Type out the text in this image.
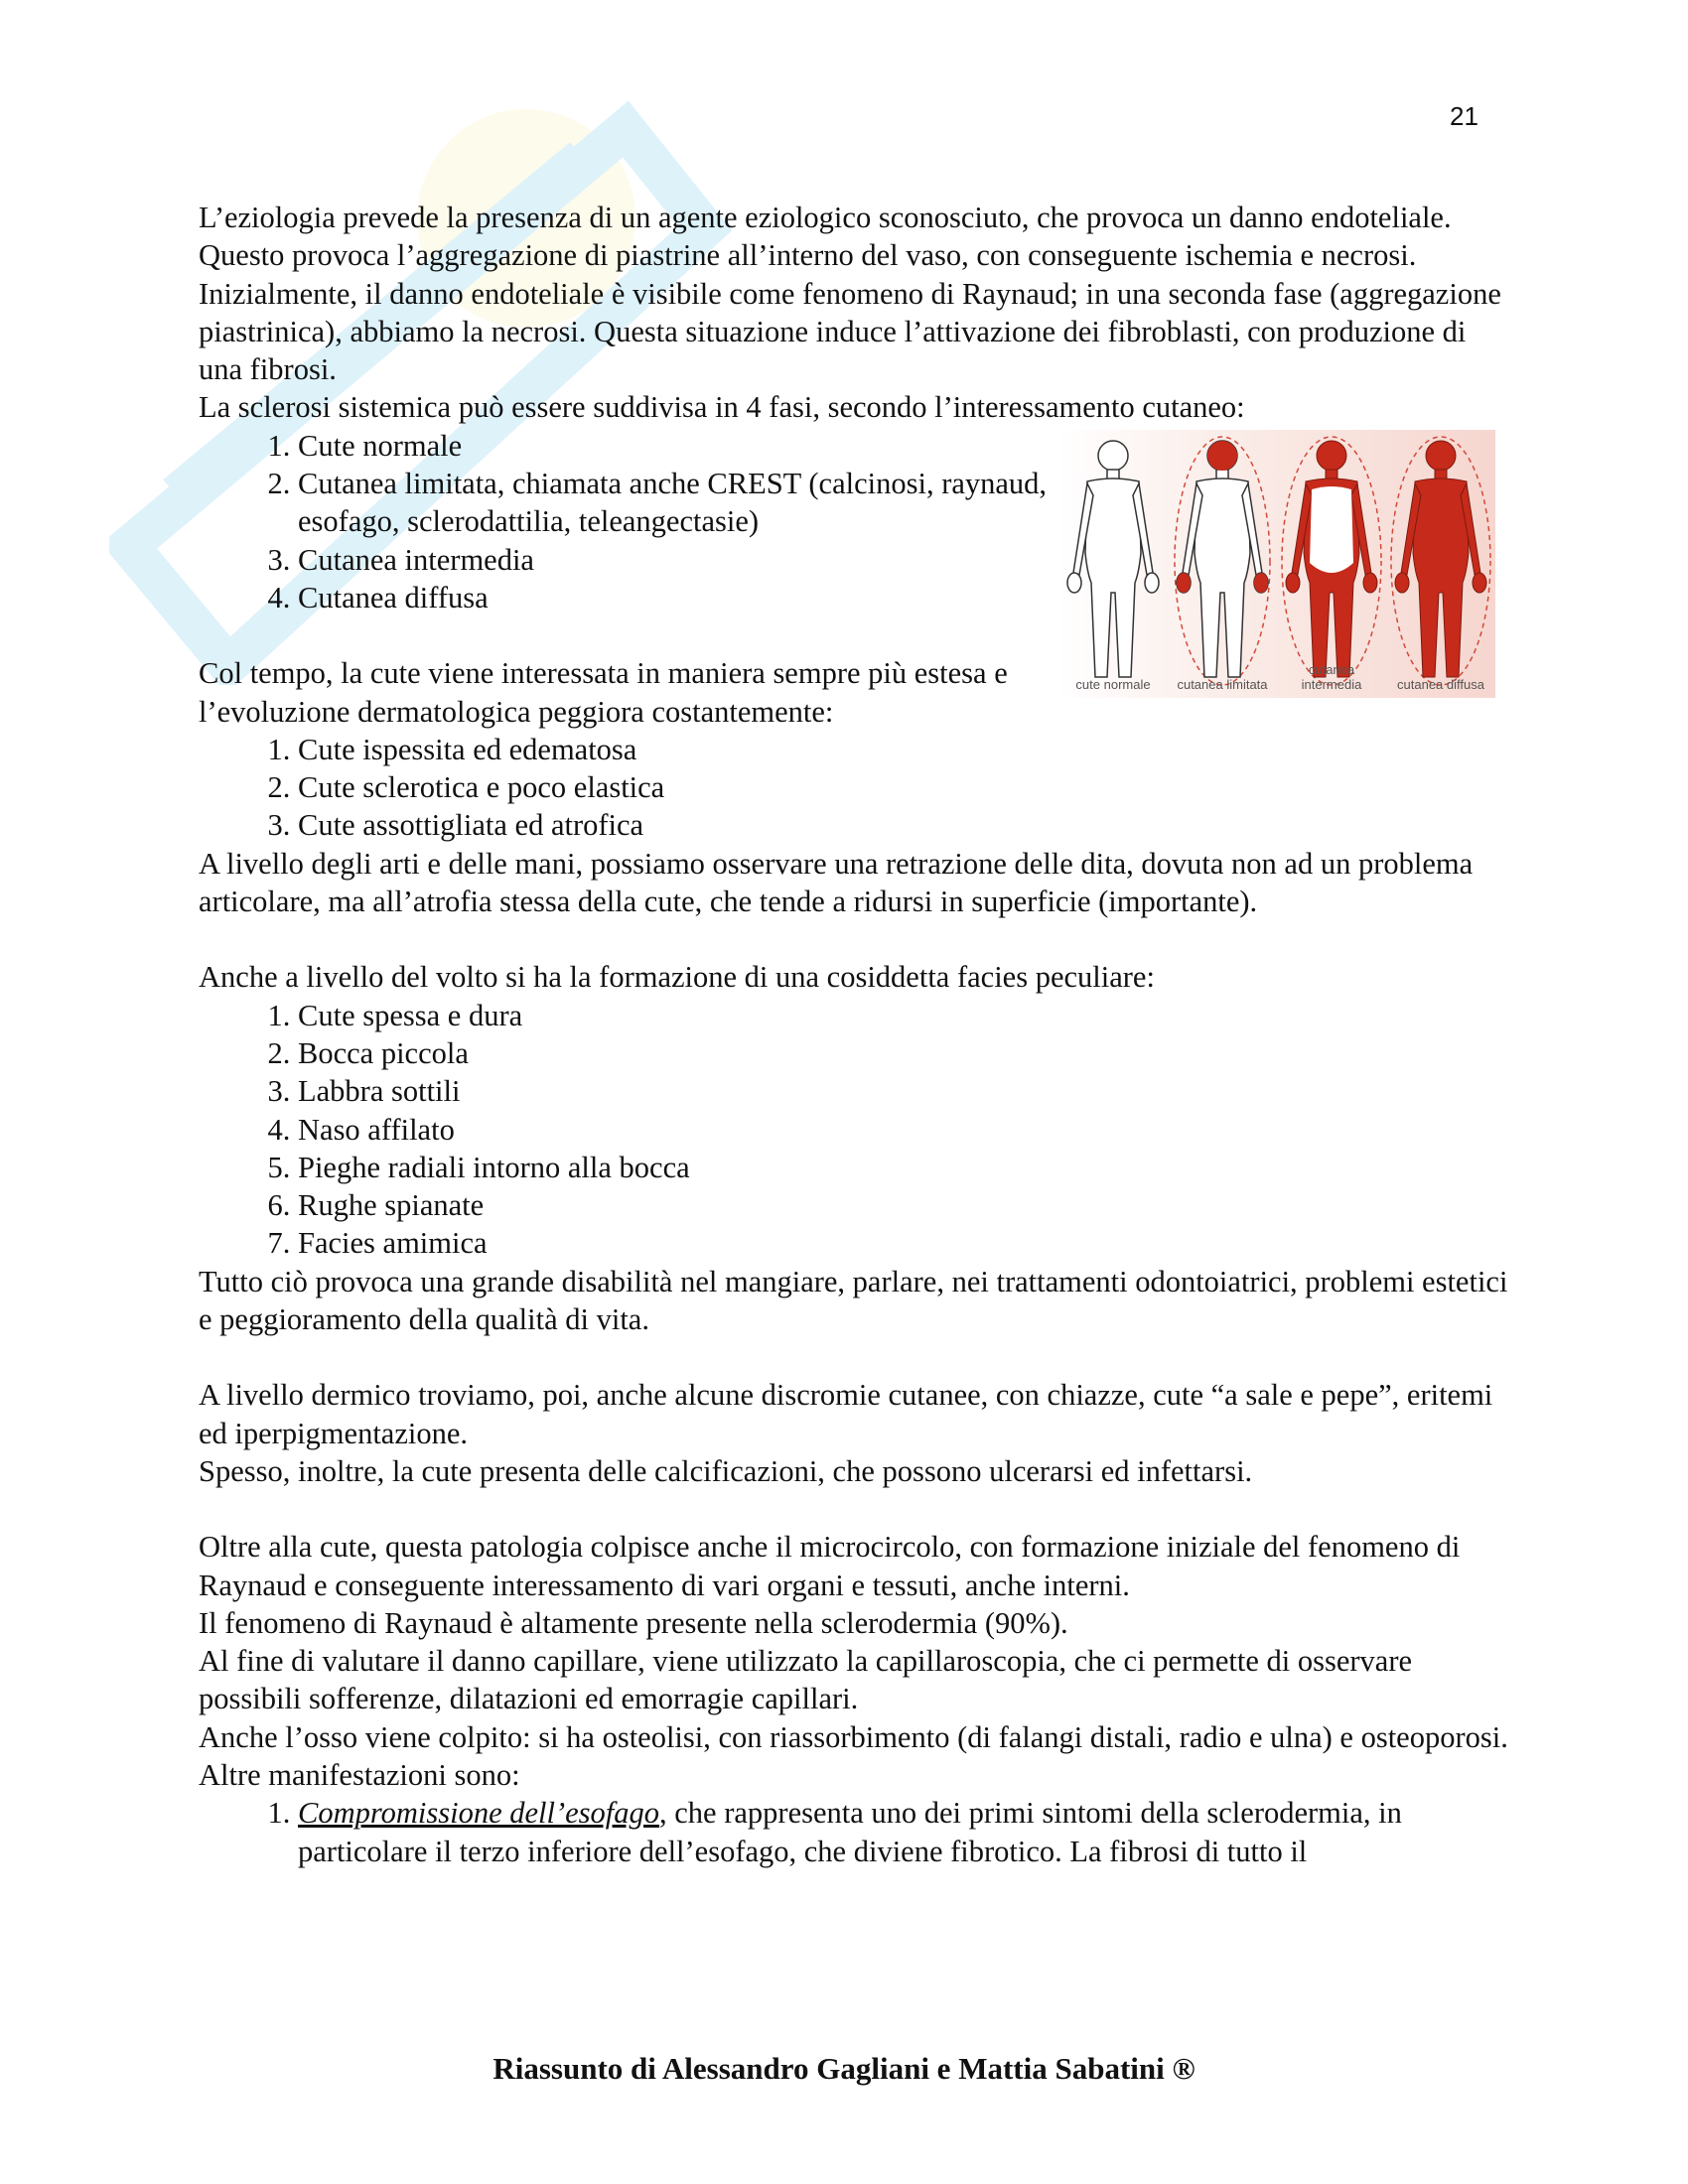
21

L’eziologia prevede la presenza di un agente eziologico sconosciuto, che provoca un danno endoteliale. Questo provoca l’aggregazione di piastrine all’interno del vaso, con conseguente ischemia e necrosi. Inizialmente, il danno endoteliale è visibile come fenomeno di Raynaud; in una seconda fase (aggregazione piastrinica), abbiamo la necrosi. Questa situazione induce l’attivazione dei fibroblasti, con produzione di una fibrosi.

La sclerosi sistemica può essere suddivisa in 4 fasi, secondo l’interessamento cutaneo:

1. Cute normale
2. Cutanea limitata, chiamata anche CREST (calcinosi, raynaud, esofago, sclerodattilia, teleangectasie)
3. Cutanea intermedia
4. Cutanea diffusa

Col tempo, la cute viene interessata in maniera sempre più estesa e l’evoluzione dermatologica peggiora costantemente:

1. Cute ispessita ed edematosa
2. Cute sclerotica e poco elastica
3. Cute assottigliata ed atrofica

A livello degli arti e delle mani, possiamo osservare una retrazione delle dita, dovuta non ad un problema articolare, ma all’atrofia stessa della cute, che tende a ridursi in superficie (importante).

Anche a livello del volto si ha la formazione di una cosiddetta facies peculiare:

1. Cute spessa e dura
2. Bocca piccola
3. Labbra sottili
4. Naso affilato
5. Pieghe radiali intorno alla bocca
6. Rughe spianate
7. Facies amimica

Tutto ciò provoca una grande disabilità nel mangiare, parlare, nei trattamenti odontoiatrici, problemi estetici e peggioramento della qualità di vita.

A livello dermico troviamo, poi, anche alcune discromie cutanee, con chiazze, cute “a sale e pepe”, eritemi ed iperpigmentazione.

Spesso, inoltre, la cute presenta delle calcificazioni, che possono ulcerarsi ed infettarsi.

Oltre alla cute, questa patologia colpisce anche il microcircolo, con formazione iniziale del fenomeno di Raynaud e conseguente interessamento di vari organi e tessuti, anche interni.

Il fenomeno di Raynaud è altamente presente nella sclerodermia (90%).

Al fine di valutare il danno capillare, viene utilizzato la capillaroscopia, che ci permette di osservare possibili sofferenze, dilatazioni ed emorragie capillari.

Anche l’osso viene colpito: si ha osteolisi, con riassorbimento (di falangi distali, radio e ulna) e osteoporosi.

Altre manifestazioni sono:

1. Compromissione dell’esofago, che rappresenta uno dei primi sintomi della sclerodermia, in particolare il terzo inferiore dell’esofago, che diviene fibrotico. La fibrosi di tutto il
cute normale	cutanea limitata
cutanea intermedia	cutanea diffusa
Riassunto di Alessandro Gagliani e Mattia Sabatini ®
